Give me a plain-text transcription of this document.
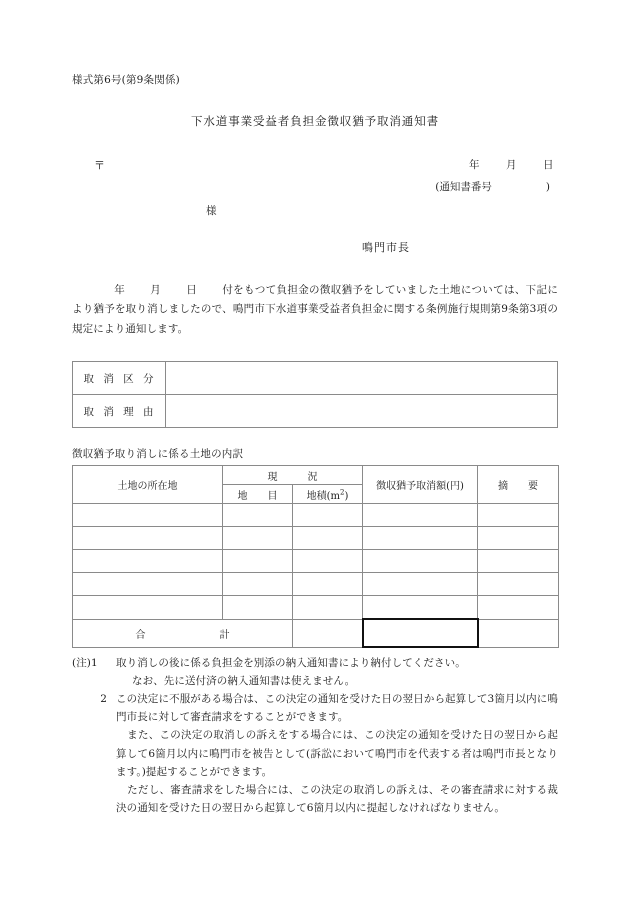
様式第6号(第9条関係)
下水道事業受益者負担金徴収猶予取消通知書
〒	年 月 日
(通知書番号	)
様
鳴門市長

年 月 日 付をもつて負担金の徴収猶予をしていました土地については、下記により猶予を取り消しましたので、鳴門市下水道事業受益者負担金に関する条例施行規則第9条第3項の規定により通知します。

取 消 区 分	
取 消 理 由	
徴収猶予取り消しに係る土地の内訳
土地の所在地	現　　　況		徴収猶予取消額(円)	摘　　要
	地　　目	地積$(m^2)$		

合　　計				
(注)1	取り消しの後に係る負担金を別添の納入通知書により納付してください。
なお、先に送付済の納入通知書は使えません。
2 この決定に不服がある場合は、この決定の通知を受けた日の翌日から起算して3箇月以内に鳴門市長に対して審査請求をすることができます。
また、この決定の取消しの訴えをする場合には、この決定の通知を受けた日の翌日から起算して6箇月以内に鳴門市を被告として(訴訟において鳴門市を代表する者は鳴門市長となります。)提起することができます。
ただし、審査請求をした場合には、この決定の取消しの訴えは、その審査請求に対する裁決の通知を受けた日の翌日から起算して6箇月以内に提起しなければなりません。
